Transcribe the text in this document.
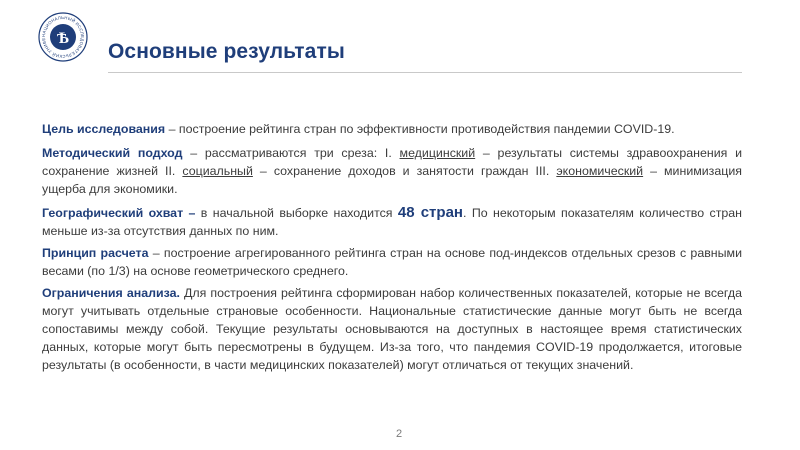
НАЦИОНАЛЬНЫЙ ИССЛЕДОВАТЕЛЬСКИЙ УНИВЕ Ѣ
Основные результаты

Цель исследования – построение рейтинга стран по эффективности противодействия пандемии COVID-19.

Методический подход – рассматриваются три среза: I. медицинский – результаты системы здравоохранения и сохранение жизней II. социальный – сохранение доходов и занятости граждан III. экономический – минимизация ущерба для экономики.

Географический охват – в начальной выборке находится 48 стран. По некоторым показателям количество стран меньше из-за отсутствия данных по ним.

Принцип расчета – построение агрегированного рейтинга стран на основе под-индексов отдельных срезов с равными весами (по 1/3) на основе геометрического среднего.

Ограничения анализа. Для построения рейтинга сформирован набор количественных показателей, которые не всегда могут учитывать отдельные страновые особенности. Национальные статистические данные могут быть не всегда сопоставимы между собой. Текущие результаты основываются на доступных в настоящее время статистических данных, которые могут быть пересмотрены в будущем. Из-за того, что пандемия COVID-19 продолжается, итоговые результаты (в особенности, в части медицинских показателей) могут отличаться от текущих значений.

2
